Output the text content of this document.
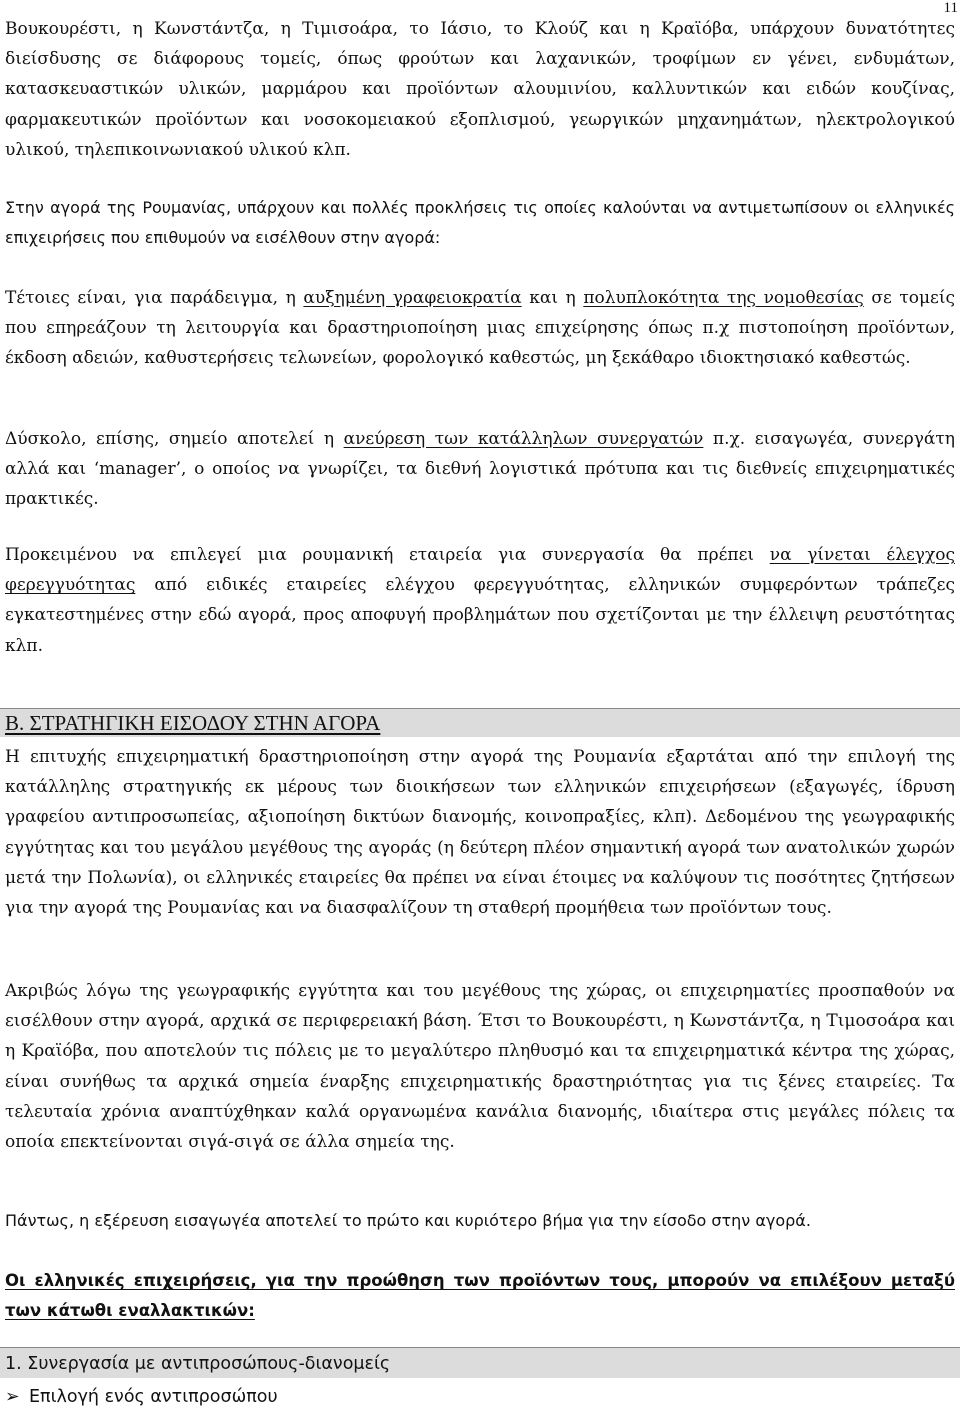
11

Βουκουρέστι, η Κωνστάντζα, η Τιμισοάρα, το Ιάσιο, το Κλούζ και η Κραϊόβα, υπάρχουν δυνατότητες διείσδυσης σε διάφορους τομείς, όπως φρούτων και λαχανικών, τροφίμων εν γένει, ενδυμάτων, κατασκευαστικών υλικών, μαρμάρου και προϊόντων αλουμινίου, καλλυντικών και ειδών κουζίνας, φαρμακευτικών προϊόντων και νοσοκομειακού εξοπλισμού, γεωργικών μηχανημάτων, ηλεκτρολογικού υλικού, τηλεπικοινωνιακού υλικού κλπ.

Στην αγορά της Ρουμανίας, υπάρχουν και πολλές προκλήσεις τις οποίες καλούνται να αντιμετωπίσουν οι ελληνικές επιχειρήσεις που επιθυμούν να εισέλθουν στην αγορά:

Τέτοιες είναι, για παράδειγμα, η αυξημένη γραφειοκρατία και η πολυπλοκότητα της νομοθεσίας σε τομείς που επηρεάζουν τη λειτουργία και δραστηριοποίηση μιας επιχείρησης όπως π.χ πιστοποίηση προϊόντων, έκδοση αδειών, καθυστερήσεις τελωνείων, φορολογικό καθεστώς, μη ξεκάθαρο ιδιοκτησιακό καθεστώς.

Δύσκολο, επίσης, σημείο αποτελεί η ανεύρεση των κατάλληλων συνεργατών π.χ. εισαγωγέα, συνεργάτη αλλά και ‘manager’, ο οποίος να γνωρίζει, τα διεθνή λογιστικά πρότυπα και τις διεθνείς επιχειρηματικές πρακτικές.

Προκειμένου να επιλεγεί μια ρουμανική εταιρεία για συνεργασία θα πρέπει να γίνεται έλεγχος φερεγγυότητας από ειδικές εταιρείες ελέγχου φερεγγυότητας, ελληνικών συμφερόντων τράπεζες εγκατεστημένες στην εδώ αγορά, προς αποφυγή προβλημάτων που σχετίζονται με την έλλειψη ρευστότητας κλπ.

Β. ΣΤΡΑΤΗΓΙΚΗ ΕΙΣΟΔΟΥ ΣΤΗΝ ΑΓΟΡΑ

Η επιτυχής επιχειρηματική δραστηριοποίηση στην αγορά της Ρουμανία εξαρτάται από την επιλογή της κατάλληλης στρατηγικής εκ μέρους των διοικήσεων των ελληνικών επιχειρήσεων (εξαγωγές, ίδρυση γραφείου αντιπροσωπείας, αξιοποίηση δικτύων διανομής, κοινοπραξίες, κλπ). Δεδομένου της γεωγραφικής εγγύτητας και του μεγάλου μεγέθους της αγοράς (η δεύτερη πλέον σημαντική αγορά των ανατολικών χωρών μετά την Πολωνία), οι ελληνικές εταιρείες θα πρέπει να είναι έτοιμες να καλύψουν τις ποσότητες ζητήσεων για την αγορά της Ρουμανίας και να διασφαλίζουν τη σταθερή προμήθεια των προϊόντων τους.

Ακριβώς λόγω της γεωγραφικής εγγύτητα και του μεγέθους της χώρας, οι επιχειρηματίες προσπαθούν να εισέλθουν στην αγορά, αρχικά σε περιφερειακή βάση. Έτσι το Βουκουρέστι, η Κωνστάντζα, η Τιμοσοάρα και η Κραϊόβα, που αποτελούν τις πόλεις με το μεγαλύτερο πληθυσμό και τα επιχειρηματικά κέντρα της χώρας, είναι συνήθως τα αρχικά σημεία έναρξης επιχειρηματικής δραστηριότητας για τις ξένες εταιρείες. Τα τελευταία χρόνια αναπτύχθηκαν καλά οργανωμένα κανάλια διανομής, ιδιαίτερα στις μεγάλες πόλεις τα οποία επεκτείνονται σιγά-σιγά σε άλλα σημεία της.

Πάντως, η εξέρευση εισαγωγέα αποτελεί το πρώτο και κυριότερο βήμα για την είσοδο στην αγορά.

Οι ελληνικές επιχειρήσεις, για την προώθηση των προϊόντων τους, μπορούν να επιλέξουν μεταξύ των κάτωθι εναλλακτικών:

1. Συνεργασία με αντιπροσώπους-διανομείς
➢ Επιλογή ενός αντιπροσώπου
